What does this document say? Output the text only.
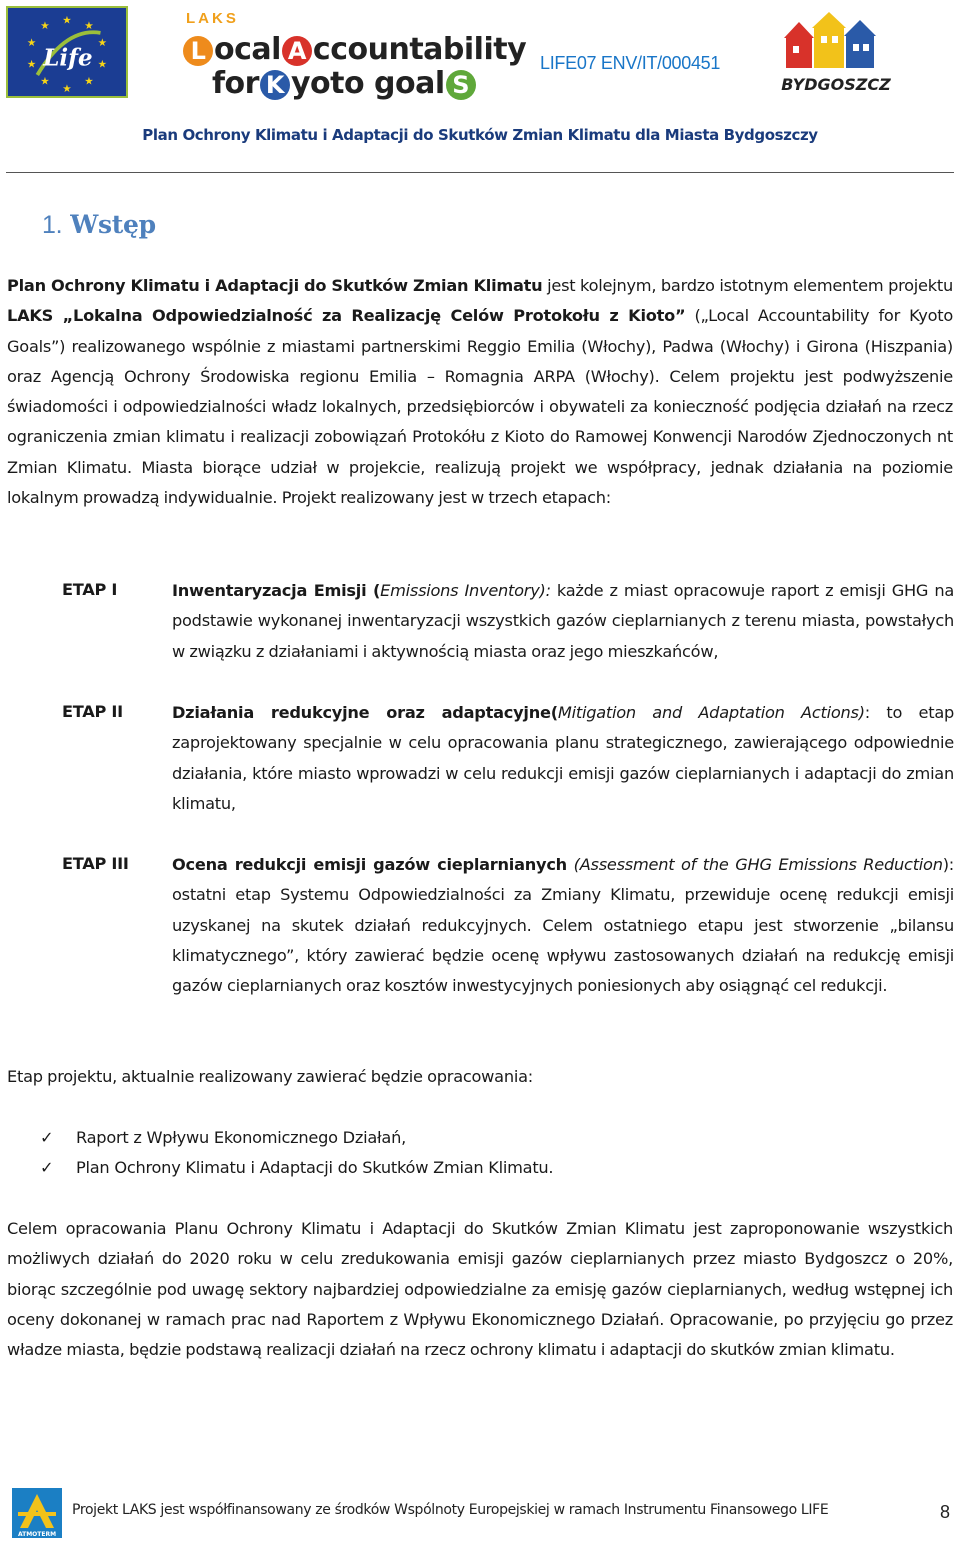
★ ★
★
★
★
★
★
★
★
★
Life
LAKS
L ocal A ccountability
for K yoto goal S
LIFE07 ENV/IT/000451
BYDGOSZCZ
Plan Ochrony Klimatu i Adaptacji do Skutków Zmian Klimatu dla Miasta Bydgoszczy
1. Wstęp

Plan Ochrony Klimatu i Adaptacji do Skutków Zmian Klimatu jest kolejnym, bardzo istotnym elementem projektu LAKS „Lokalna Odpowiedzialność za Realizację Celów Protokołu z Kioto” („Local Accountability for Kyoto Goals”) realizowanego wspólnie z miastami partnerskimi Reggio Emilia (Włochy), Padwa (Włochy) i Girona (Hiszpania) oraz Agencją Ochrony Środowiska regionu Emilia – Romagnia ARPA (Włochy). Celem projektu jest podwyższenie świadomości i odpowiedzialności władz lokalnych, przedsiębiorców i obywateli za konieczność podjęcia działań na rzecz ograniczenia zmian klimatu i realizacji zobowiązań Protokółu z Kioto do Ramowej Konwencji Narodów Zjednoczonych nt Zmian Klimatu. Miasta biorące udział w projekcie, realizują projekt we współpracy, jednak działania na poziomie lokalnym prowadzą indywidualnie. Projekt realizowany jest w trzech etapach:

ETAP I	Inwentaryzacja Emisji (Emissions Inventory): każde z miast opracowuje raport z emisji GHG na podstawie wykonanej inwentaryzacji wszystkich gazów cieplarnianych z terenu miasta, powstałych w związku z działaniami i aktywnością miasta oraz jego mieszkańców,

ETAP II	Działania redukcyjne oraz adaptacyjne(Mitigation and Adaptation Actions): to etap zaprojektowany specjalnie w celu opracowania planu strategicznego, zawierającego odpowiednie działania, które miasto wprowadzi w celu redukcji emisji gazów cieplarnianych i adaptacji do zmian klimatu,

ETAP III	Ocena redukcji emisji gazów cieplarnianych (Assessment of the GHG Emissions Reduction): ostatni etap Systemu Odpowiedzialności za Zmiany Klimatu, przewiduje ocenę redukcji emisji uzyskanej na skutek działań redukcyjnych. Celem ostatniego etapu jest stworzenie „bilansu klimatycznego”, który zawierać będzie ocenę wpływu zastosowanych działań na redukcję emisji gazów cieplarnianych oraz kosztów inwestycyjnych poniesionych aby osiągnąć cel redukcji.

Etap projektu, aktualnie realizowany zawierać będzie opracowania:

✓ Raport z Wpływu Ekonomicznego Działań,
✓ Plan Ochrony Klimatu i Adaptacji do Skutków Zmian Klimatu.

Celem opracowania Planu Ochrony Klimatu i Adaptacji do Skutków Zmian Klimatu jest zaproponowanie wszystkich możliwych działań do 2020 roku w celu zredukowania emisji gazów cieplarnianych przez miasto Bydgoszcz o 20%, biorąc szczególnie pod uwagę sektory najbardziej odpowiedzialne za emisję gazów cieplarnianych, według wstępnej ich oceny dokonanej w ramach prac nad Raportem z Wpływu Ekonomicznego Działań. Opracowanie, po przyjęciu go przez władze miasta, będzie podstawą realizacji działań na rzecz ochrony klimatu i adaptacji do skutków zmian klimatu.

ATMOTERM
Projekt LAKS jest współfinansowany ze środków Wspólnoty Europejskiej w ramach Instrumentu Finansowego LIFE	8
